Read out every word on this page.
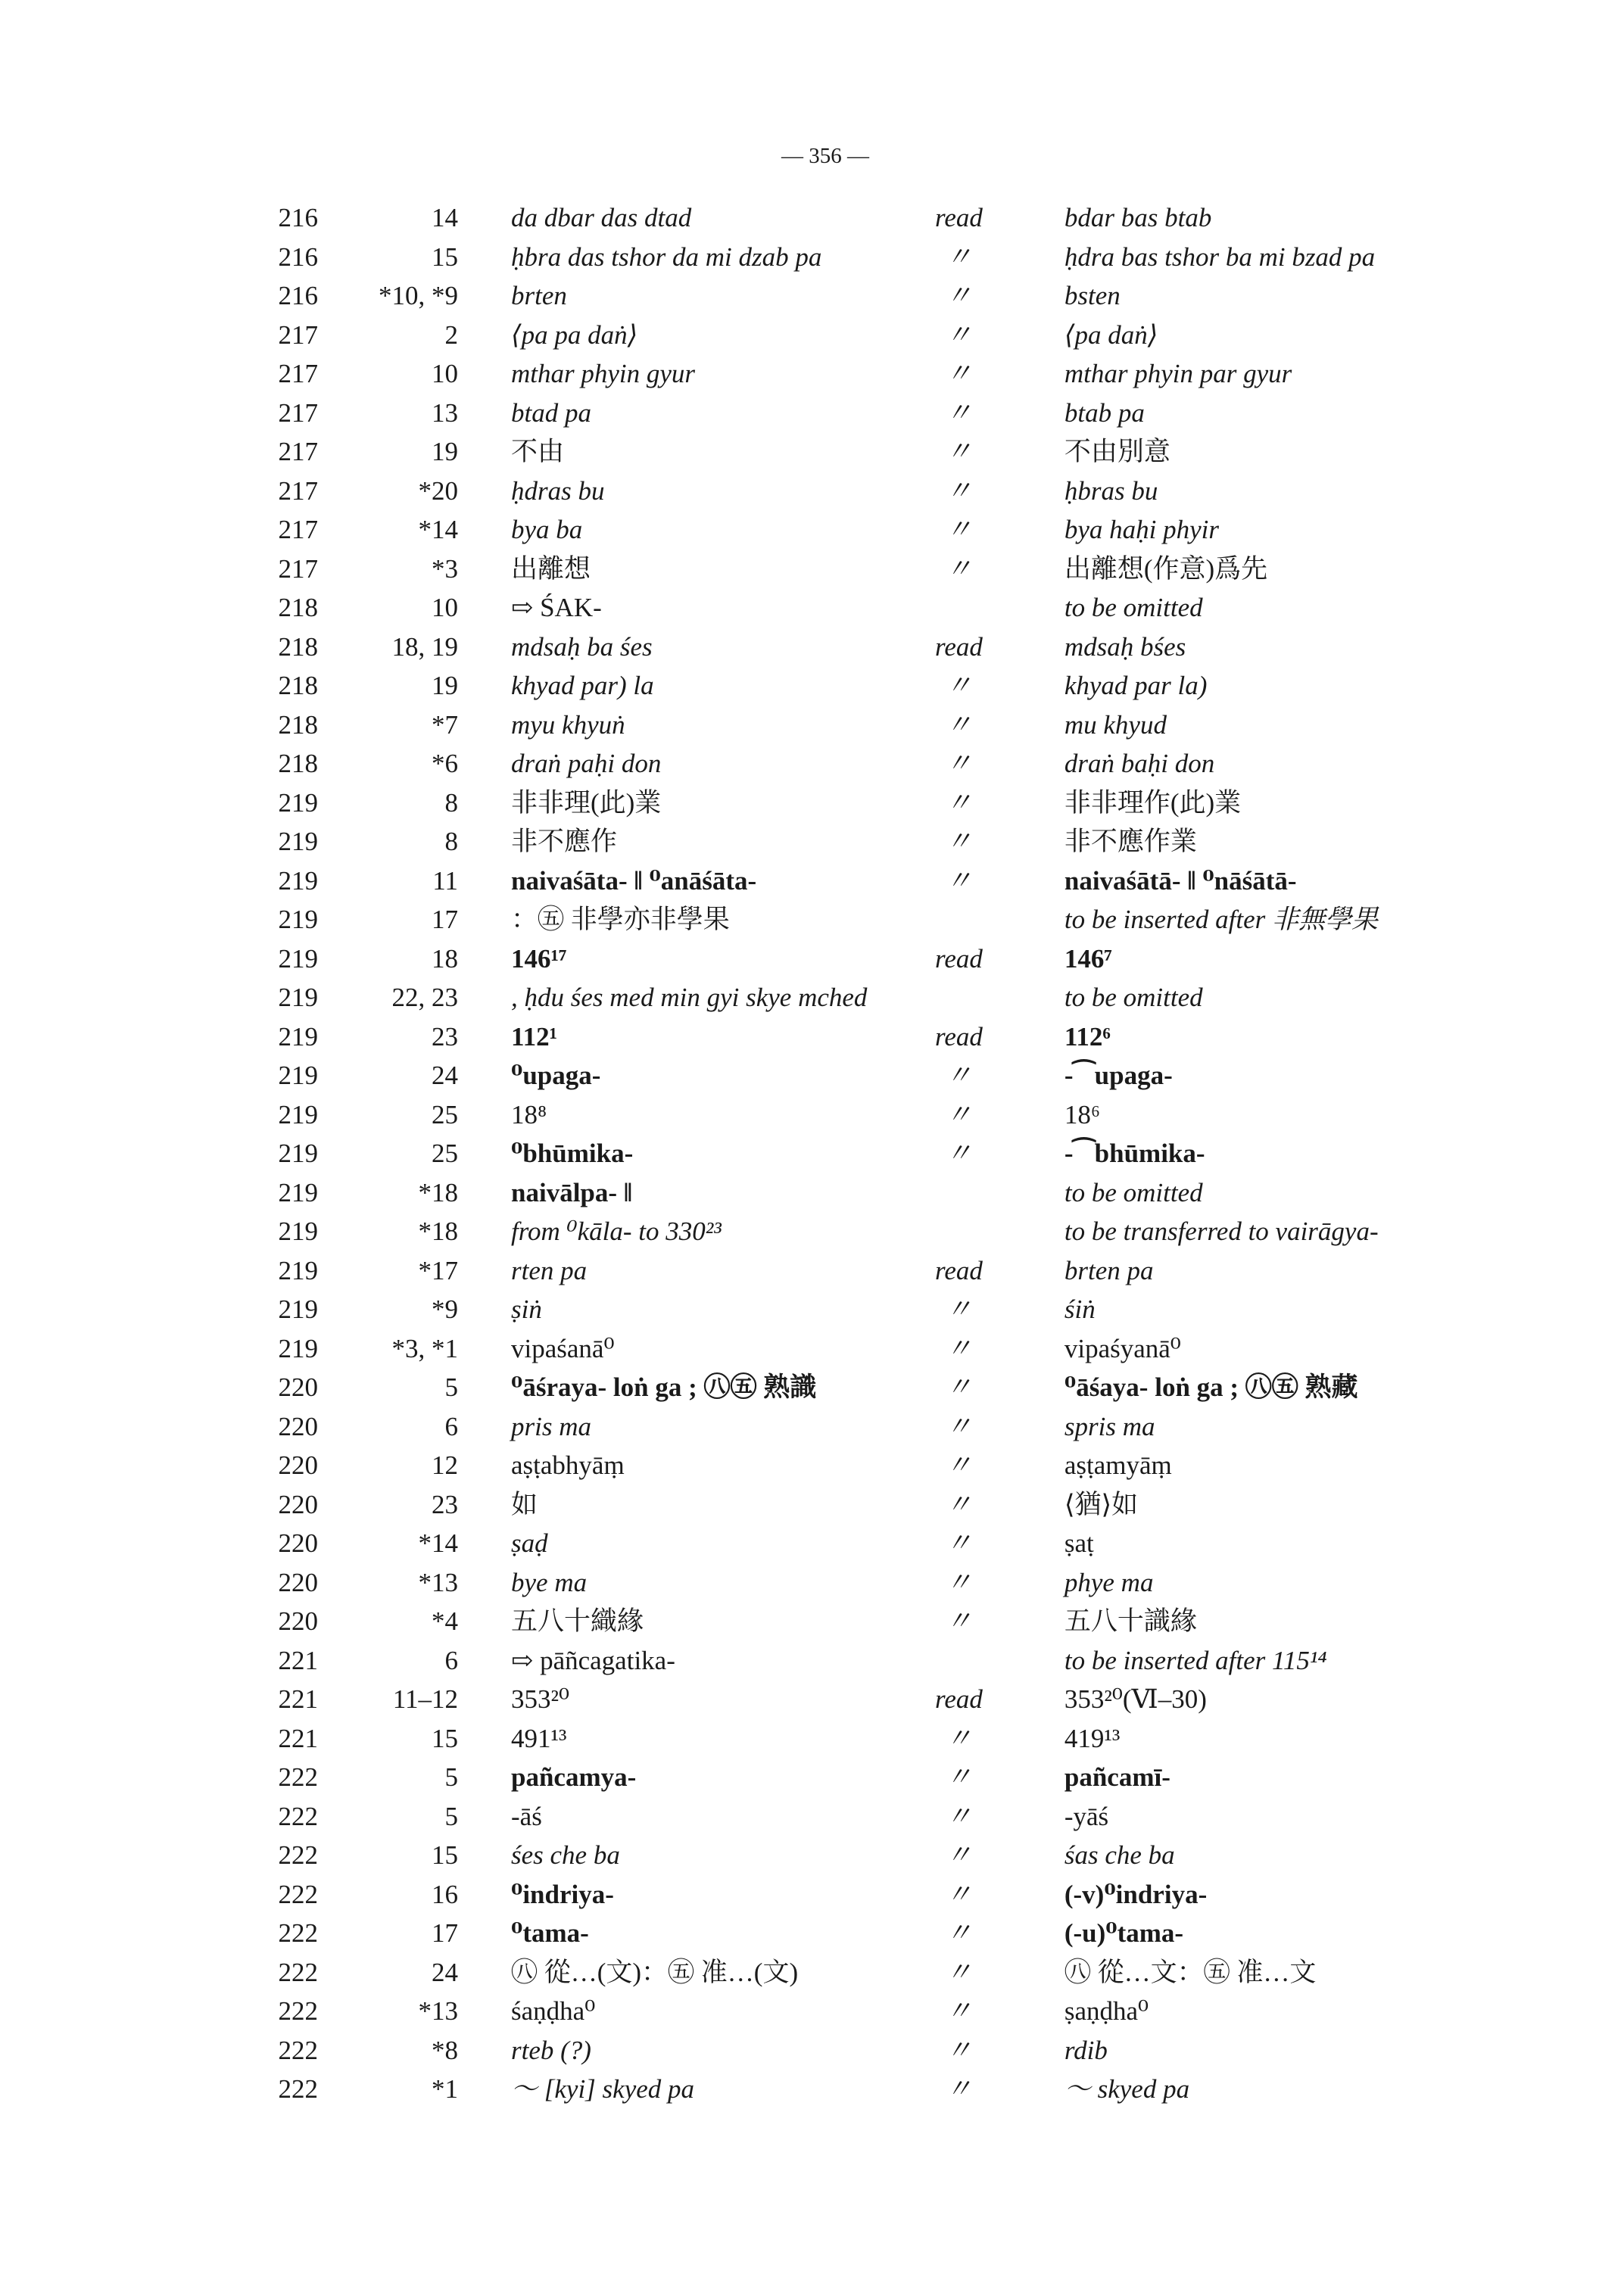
— 356 —
216	14	da dbar das dtad	read	bdar bas btab
216	15	ḥbra das tshor da mi dzab pa	〃	ḥdra bas tshor ba mi bzad pa
216	*10, *9	brten	〃	bsten
217	2	⟨pa pa daṅ⟩	〃	⟨pa daṅ⟩
217	10	mthar phyin gyur	〃	mthar phyin par gyur
217	13	btad pa	〃	btab pa
217	19	不由	〃	不由別意
217	*20	ḥdras bu	〃	ḥbras bu
217	*14	bya ba	〃	bya haḥi phyir
217	*3	出離想	〃	出離想(作意)爲先
218	10	⇨ ŚAK-		to be omitted
218	18, 19	mdsaḥ ba śes	read	mdsaḥ bśes
218	19	khyad par) la	〃	khyad par la)
218	*7	myu khyuṅ	〃	mu khyud
218	*6	draṅ paḥi don	〃	draṅ baḥi don
219	8	非非理(此)業	〃	非非理作(此)業
219	8	非不應作	〃	非不應作業
219	11	naivaśāta- ‖ ⁰anāśāta-	〃	naivaśātā- ‖ ⁰nāśātā-
219	17	：㊄ 非學亦非學果		to be inserted after 非無學果
219	18	146¹⁷	read	146⁷
219	22, 23	, ḥdu śes med min gyi skye mched		to be omitted
219	23	112¹	read	112⁶
219	24	⁰upaga-	〃	-⁀upaga-
219	25	18⁸	〃	18⁶
219	25	⁰bhūmika-	〃	-⁀bhūmika-
219	*18	naivālpa- ‖		to be omitted
219	*18	from ⁰kāla- to 330²³		to be transferred to vairāgya-
219	*17	rten pa	read	brten pa
219	*9	ṣiṅ	〃	śiṅ
219	*3, *1	vipaśanā⁰	〃	vipaśyanā⁰
220	5	⁰āśraya- loṅ ga ; ㊇㊄ 熟識	〃	⁰āśaya- loṅ ga ; ㊇㊄ 熟藏
220	6	pris ma	〃	spris ma
220	12	aṣṭabhyāṃ	〃	aṣṭamyāṃ
220	23	如	〃	⟨猶⟩如
220	*14	ṣaḍ	〃	ṣaṭ
220	*13	bye ma	〃	phye ma
220	*4	五八十織緣	〃	五八十識緣
221	6	⇨ pāñcagatika-		to be inserted after 115¹⁴
221	11–12	353²⁰	read	353²⁰(Ⅵ–30)
221	15	491¹³	〃	419¹³
222	5	pañcamya-	〃	pañcamī-
222	5	-āś	〃	-yāś
222	15	śes che ba	〃	śas che ba
222	16	⁰indriya-	〃	(-v)⁰indriya-
222	17	⁰tama-	〃	(-u)⁰tama-
222	24	㊇ 從…(文)：㊄ 准…(文)	〃	㊇ 從…文：㊄ 准…文
222	*13	śaṇḍha⁰	〃	ṣaṇḍha⁰
222	*8	rteb (?)	〃	rdib
222	*1	～ [kyi] skyed pa	〃	～ skyed pa
